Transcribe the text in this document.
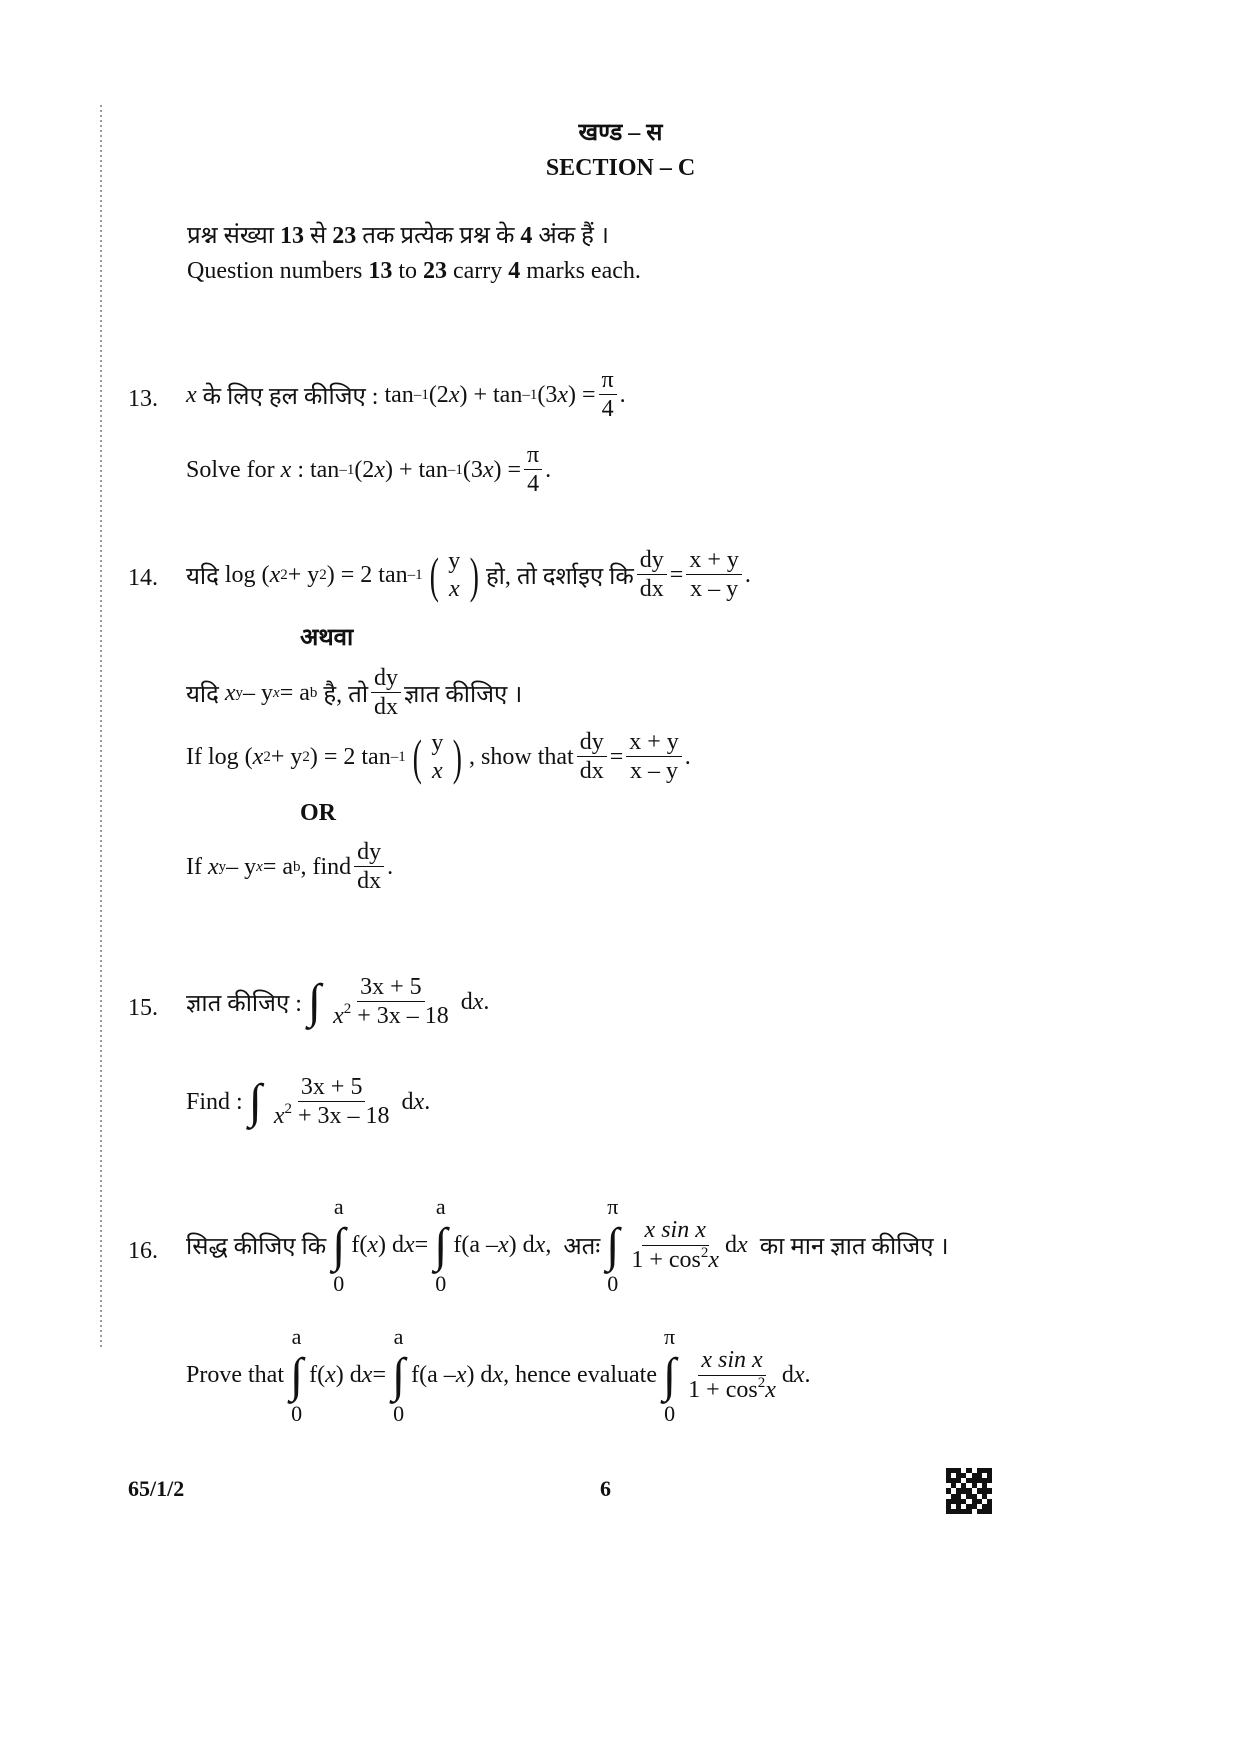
खण्ड – स
SECTION – C
प्रश्न संख्या 13 से 23 तक प्रत्येक प्रश्न के 4 अंक हैं ।
Question numbers 13 to 23 carry 4 marks each.
13. x
के लिए हल कीजिए : tan –1 (2 x ) + tan –1 (3 x ) = $\frac{\pi}{4}$ .
Solve for
x : tan –1 (2 x ) + tan –1 (3 x ) = $\frac{\pi}{4}$ .
14. यदि log ( x 2 + y 2 ) = 2 tan –1 ( y
x ) हो, तो दर्शाइए कि $\frac{dy}{dx} = \frac{x + y}{x - y}$ .
अथवा
यदि
x y – y x = a b
है, तो $\frac{dy}{dx}$ ज्ञात कीजिए ।
If log ( x 2 + y 2 ) = 2 tan –1 ( y
x ) , show that $\frac{dy}{dx} = \frac{x + y}{x - y}$ .
OR
If
x y – y x = a b , find $\frac{dy}{dx}$ .
15. ज्ञात कीजिए : ∫ $\frac{3x + 5}{x^2 + 3x - 18}$ d x .
Find : ∫ $\frac{3x + 5}{x^2 + 3x - 18}$ d x .
16. सिद्ध कीजिए कि
a
∫
0
f( x ) d x =
a
∫
0
f(a – x ) d x , अतः
π
∫
0
$\frac{\text{x sin x}}{1 + \cos^2x}$ d x
का मान ज्ञात कीजिए ।
Prove that
a
∫
0
f( x ) d x =
a
∫
0
f(a – x ) d x , hence evaluate
π
∫
0
$\frac{\text{x sin x}}{1 + \cos^2x}$ d x .
65/1/2	6
